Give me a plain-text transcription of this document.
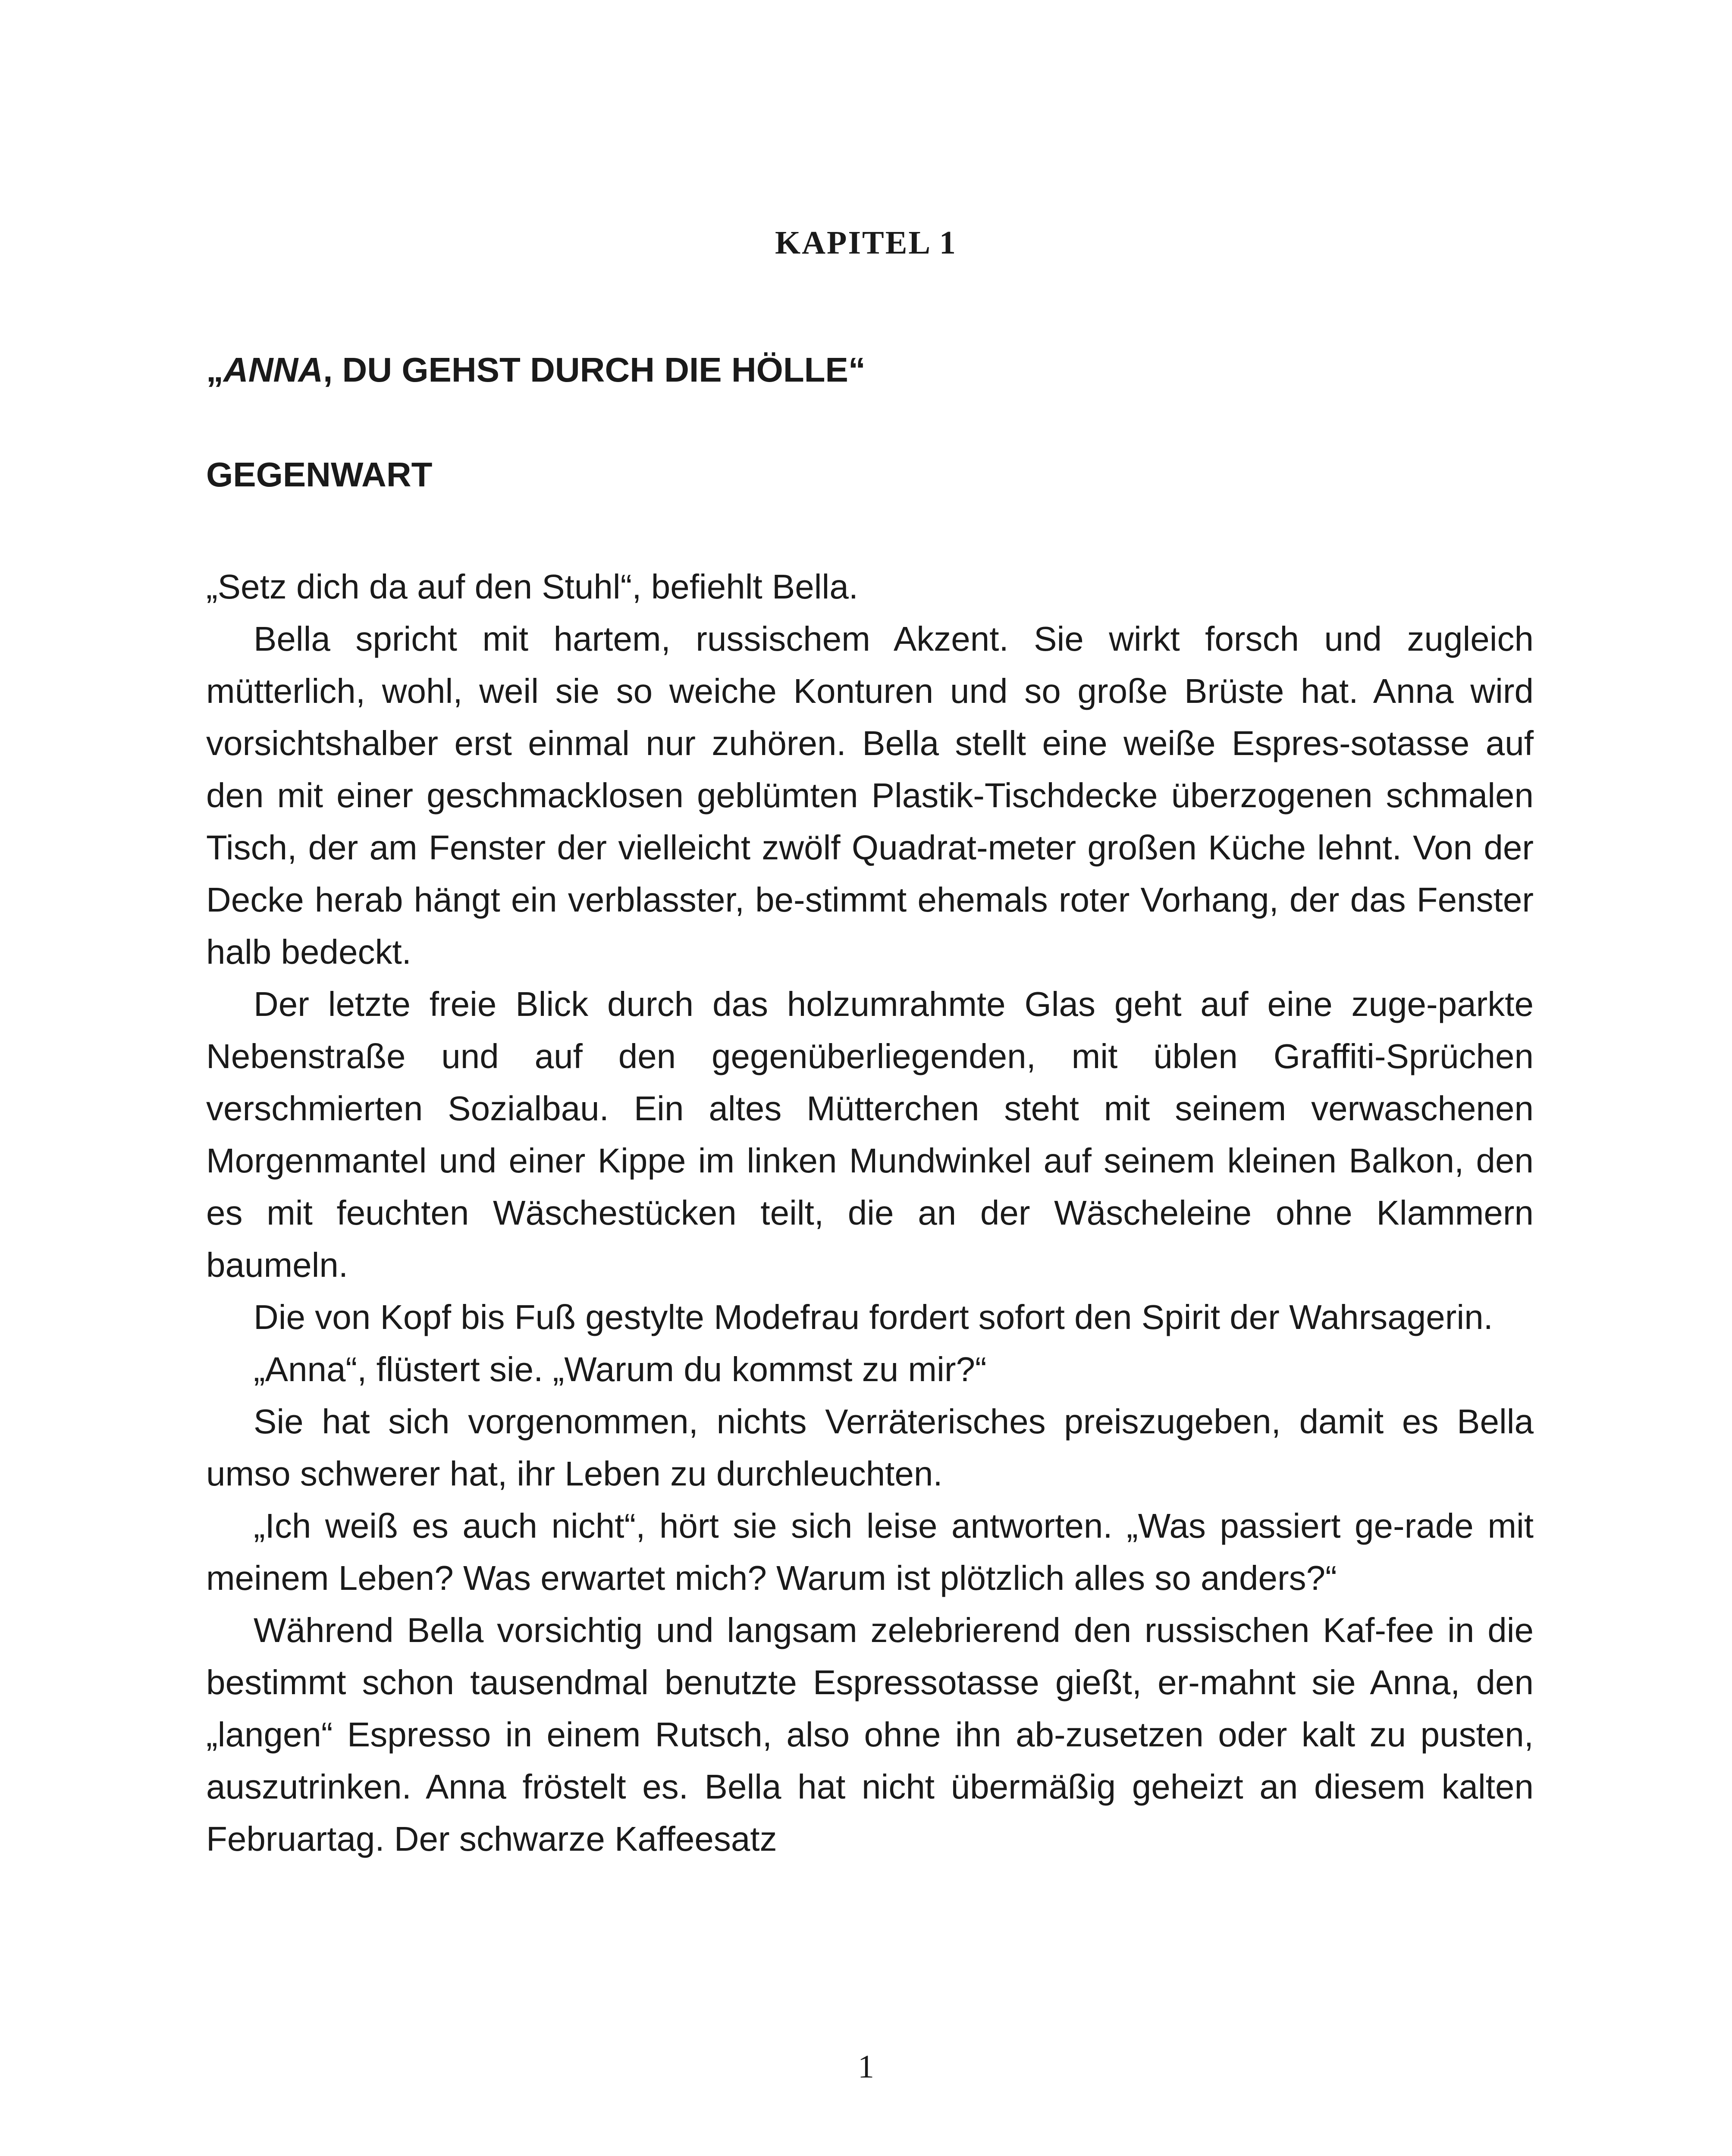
KAPITEL 1
„ANNA, DU GEHST DURCH DIE HÖLLE“
GEGENWART

„Setz dich da auf den Stuhl“, befiehlt Bella.

Bella spricht mit hartem, russischem Akzent. Sie wirkt forsch und zugleich mütterlich, wohl, weil sie so weiche Konturen und so große Brüste hat. Anna wird vorsichtshalber erst einmal nur zuhören. Bella stellt eine weiße Espres-sotasse auf den mit einer geschmacklosen geblümten Plastik-Tischdecke überzogenen schmalen Tisch, der am Fenster der vielleicht zwölf Quadrat-meter großen Küche lehnt. Von der Decke herab hängt ein verblasster, be-stimmt ehemals roter Vorhang, der das Fenster halb bedeckt.

Der letzte freie Blick durch das holzumrahmte Glas geht auf eine zuge-parkte Nebenstraße und auf den gegenüberliegenden, mit üblen Graffiti-Sprüchen verschmierten Sozialbau. Ein altes Mütterchen steht mit seinem verwaschenen Morgenmantel und einer Kippe im linken Mundwinkel auf seinem kleinen Balkon, den es mit feuchten Wäschestücken teilt, die an der Wäscheleine ohne Klammern baumeln.

Die von Kopf bis Fuß gestylte Modefrau fordert sofort den Spirit der Wahrsagerin.

„Anna“, flüstert sie. „Warum du kommst zu mir?“

Sie hat sich vorgenommen, nichts Verräterisches preiszugeben, damit es Bella umso schwerer hat, ihr Leben zu durchleuchten.

„Ich weiß es auch nicht“, hört sie sich leise antworten. „Was passiert ge-rade mit meinem Leben? Was erwartet mich? Warum ist plötzlich alles so anders?“

Während Bella vorsichtig und langsam zelebrierend den russischen Kaf-fee in die bestimmt schon tausendmal benutzte Espressotasse gießt, er-mahnt sie Anna, den „langen“ Espresso in einem Rutsch, also ohne ihn ab-zusetzen oder kalt zu pusten, auszutrinken. Anna fröstelt es. Bella hat nicht übermäßig geheizt an diesem kalten Februartag. Der schwarze Kaffeesatz

1
